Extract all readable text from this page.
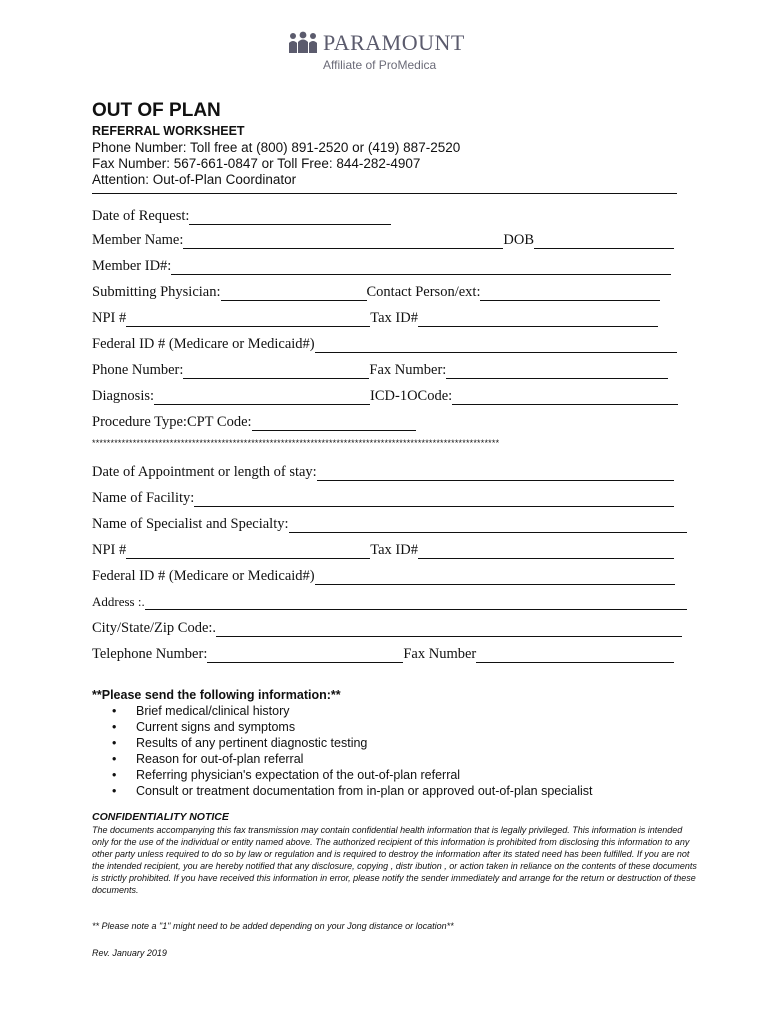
PARAMOUNT
Affiliate of ProMedica
OUT OF PLAN
REFERRAL WORKSHEET
Phone Number: Toll free at (800) 891-2520 or (419) 887-2520
Fax Number: 567-661-0847 or Toll Free: 844-282-4907
Attention: Out-of-Plan Coordinator
Date of Request:
Member Name:	DOB
Member ID#:
Submitting Physician:	Contact Person/ext:
NPI #	Tax ID#
Federal ID # (Medicare or Medicaid#)
Phone Number:	Fax Number:
Diagnosis:	ICD-1OCode:
Procedure Type:CPT Code:
**************************************************************************************************************
Date of Appointment or length of stay:
Name of Facility:
Name of Specialist and Specialty:
NPI #	Tax ID#
Federal ID # (Medicare or Medicaid#)
Address :.
City/State/Zip Code:.
Telephone Number:	Fax Number
**Please send the following information:**
•	Brief medical/clinical history
•	Current signs and symptoms
•	Results of any pertinent diagnostic testing
•	Reason for out-of-plan referral
•	Referring physician's expectation of the out-of-plan referral
•	Consult or treatment documentation from in-plan or approved out-of-plan specialist
CONFIDENTIALITY NOTICE
The documents accompanying this fax transmission may contain confidential health information that is legally privileged. This information is intended only for the use of the individual or entity named above. The authorized recipient of this information is prohibited from disclosing this information to any other party unless required to do so by law or regulation and is required to destroy the information after its stated need has been fulfilled. If you are not the intended recipient, you are hereby notified that any disclosure, copying , distr ibution , or action taken in reliance on the contents of these documents is strictly prohibited. If you have received this information in error, please notify the sender immediately and arrange for the return or destruction of these documents.
** Please note a "1" might need to be added depending on your Jong distance or location**
Rev. January 2019
